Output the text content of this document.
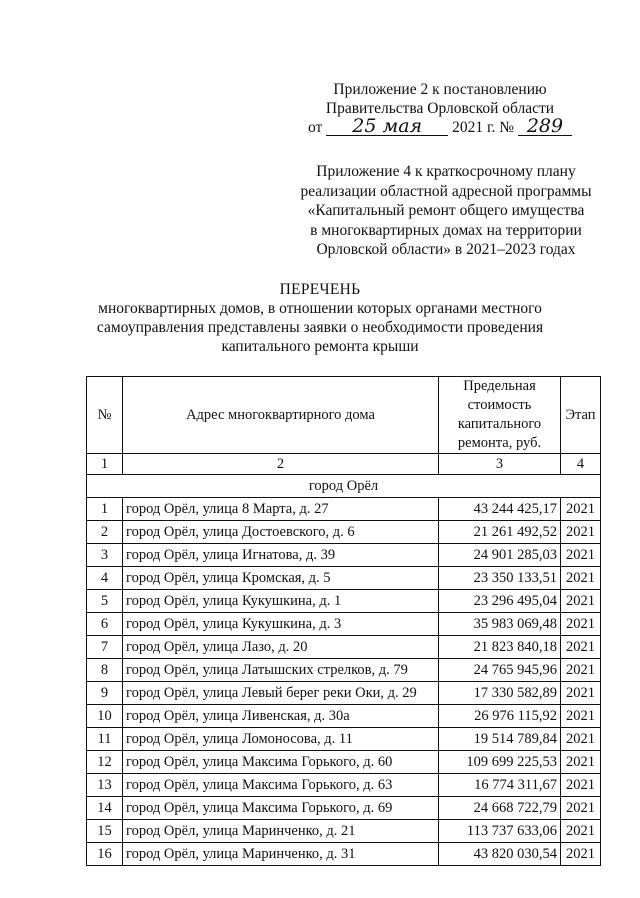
Приложение 2 к постановлению
Правительства Орловской области
от 25 мая 2021 г. № 289
Приложение 4 к краткосрочному плану
реализации областной адресной программы
«Капитальный ремонт общего имущества
в многоквартирных домах на территории
Орловской области» в 2021–2023 годах
ПЕРЕЧЕНЬ
многоквартирных домов, в отношении которых органами местного
самоуправления представлены заявки о необходимости проведения
капитального ремонта крыши
№	Адрес многоквартирного дома	Предельная
стоимость
капитального
ремонта, руб.	Этап
1	2	3	4
город Орёл			
1	город Орёл, улица 8 Марта, д. 27	43 244 425,17	2021
2	город Орёл, улица Достоевского, д. 6	21 261 492,52	2021
3	город Орёл, улица Игнатова, д. 39	24 901 285,03	2021
4	город Орёл, улица Кромская, д. 5	23 350 133,51	2021
5	город Орёл, улица Кукушкина, д. 1	23 296 495,04	2021
6	город Орёл, улица Кукушкина, д. 3	35 983 069,48	2021
7	город Орёл, улица Лазо, д. 20	21 823 840,18	2021
8	город Орёл, улица Латышских стрелков, д. 79	24 765 945,96	2021
9	город Орёл, улица Левый берег реки Оки, д. 29	17 330 582,89	2021
10	город Орёл, улица Ливенская, д. 30а	26 976 115,92	2021
11	город Орёл, улица Ломоносова, д. 11	19 514 789,84	2021
12	город Орёл, улица Максима Горького, д. 60	109 699 225,53	2021
13	город Орёл, улица Максима Горького, д. 63	16 774 311,67	2021
14	город Орёл, улица Максима Горького, д. 69	24 668 722,79	2021
15	город Орёл, улица Маринченко, д. 21	113 737 633,06	2021
16	город Орёл, улица Маринченко, д. 31	43 820 030,54	2021
